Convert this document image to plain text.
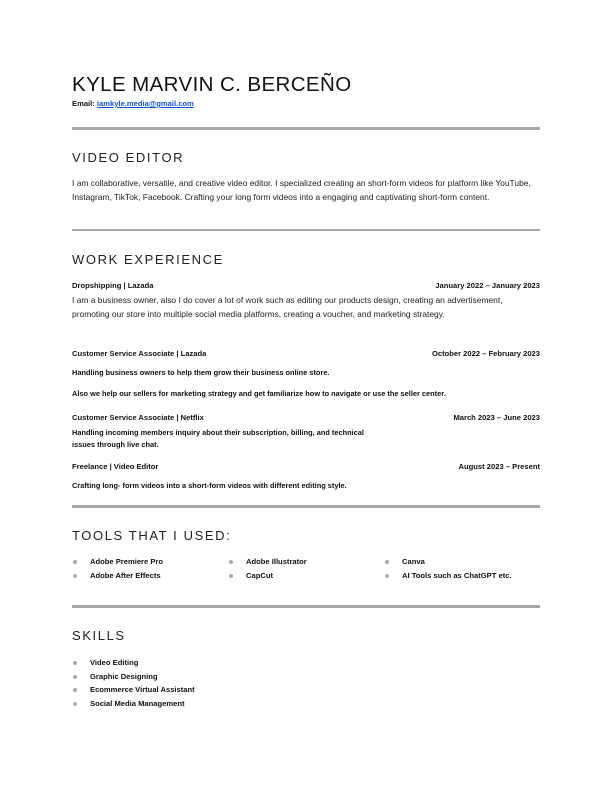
KYLE MARVIN C. BERCEÑO
Email: iamkyle.media@gmail.com
VIDEO EDITOR
I am collaborative, versatile, and creative video editor. I specialized creating an short-form videos for platform like YouTube, Instagram, TikTok, Facebook. Crafting your long form videos into a engaging and captivating short-form content.
WORK EXPERIENCE
Dropshipping | Lazada	January 2022 – January 2023
I am a business owner, also I do cover a lot of work such as editing our products design, creating an advertisement, promoting our store into multiple social media platforms, creating a voucher, and marketing strategy.
Customer Service Associate | Lazada	October 2022 – February 2023
Handling business owners to help them grow their business online store.
Also we help our sellers for marketing strategy and get familiarize how to navigate or use the seller center.
Customer Service Associate | Netflix	March 2023 – June 2023
Handling incoming members inquiry about their subscription, billing, and technical issues through live chat.
Freelance | Video Editor	August 2023 – Present
Crafting long- form videos into a short-form videos with different editing style.
TOOLS THAT I USED:
Adobe Premiere Pro
Adobe After Effects
Adobe Illustrator
CapCut
Canva
AI Tools such as ChatGPT etc.
SKILLS
Video Editing
Graphic Designing
Ecommerce Virtual Assistant
Social Media Management
